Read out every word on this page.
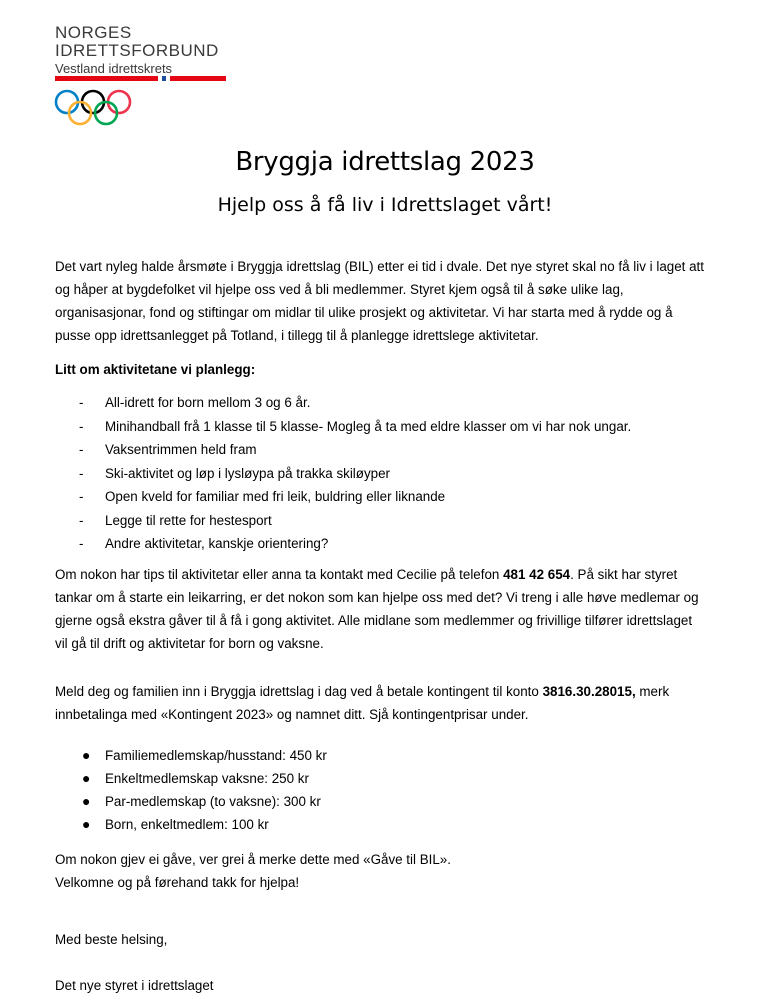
NORGES
IDRETTSFORBUND
Vestland idrettskrets
Bryggja idrettslag 2023
Hjelp oss å få liv i Idrettslaget vårt!
Det vart nyleg halde årsmøte i Bryggja idrettslag (BIL) etter ei tid i dvale. Det nye styret skal no få liv i laget att og håper at bygdefolket vil hjelpe oss ved å bli medlemmer. Styret kjem også til å søke ulike lag, organisasjonar, fond og stiftingar om midlar til ulike prosjekt og aktivitetar. Vi har starta med å rydde og å pusse opp idrettsanlegget på Totland, i tillegg til å planlegge idrettslege aktivitetar.
Litt om aktivitetane vi planlegg:
- All-idrett for born mellom 3 og 6 år.
- Minihandball frå 1 klasse til 5 klasse- Mogleg å ta med eldre klasser om vi har nok ungar.
- Vaksentrimmen held fram
- Ski-aktivitet og løp i lysløypa på trakka skiløyper
- Open kveld for familiar med fri leik, buldring eller liknande
- Legge til rette for hestesport
- Andre aktivitetar, kanskje orientering?
Om nokon har tips til aktivitetar eller anna ta kontakt med Cecilie på telefon 481 42 654. På sikt har styret tankar om å starte ein leikarring, er det nokon som kan hjelpe oss med det? Vi treng i alle høve medlemar og gjerne også ekstra gåver til å få i gong aktivitet. Alle midlane som medlemmer og frivillige tilfører idrettslaget vil gå til drift og aktivitetar for born og vaksne.
Meld deg og familien inn i Bryggja idrettslag i dag ved å betale kontingent til konto 3816.30.28015, merk innbetalinga med «Kontingent 2023» og namnet ditt. Sjå kontingentprisar under.
● Familiemedlemskap/husstand: 450 kr
● Enkeltmedlemskap vaksne: 250 kr
● Par-medlemskap (to vaksne): 300 kr
● Born, enkeltmedlem: 100 kr
Om nokon gjev ei gåve, ver grei å merke dette med «Gåve til BIL».
Velkomne og på førehand takk for hjelpa!
Med beste helsing,
Det nye styret i idrettslaget
